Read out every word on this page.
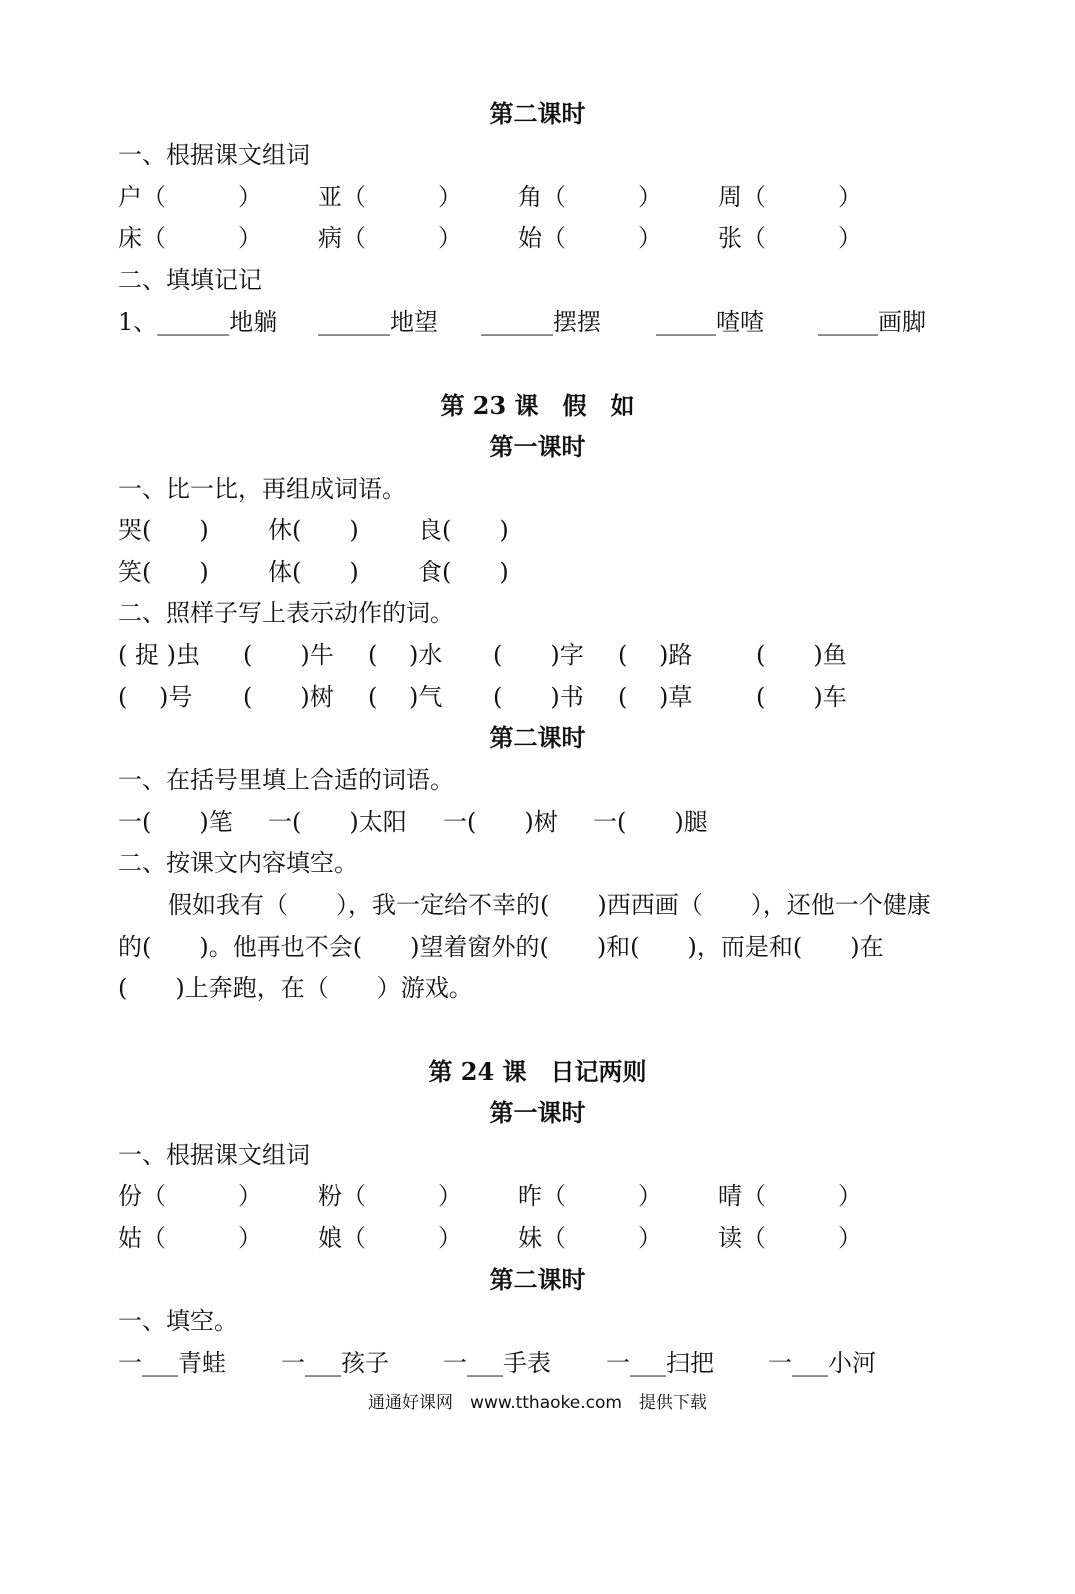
第二课时

一、根据课文组词

户（　　　）

亚（　　　）

角（　　　）

周（　　　）

床（　　　）

病（　　　）

始（　　　）

张（　　　）

二、填填记记

1、______地躺

______地望

______摆摆

_____喳喳

_____画脚

第 23 课　假　如
第一课时

一、比一比，再组成词语。

哭(　　)

休(　　)

良(　　)

笑(　　)

体(　　)

食(　　)

二、照样子写上表示动作的词。

( 捉 )虫

(　　)牛

(　 )水

(　　)字

(　 )路

	(　　)鱼

(　 )号

(　　)树

(　 )气

(　　)书

(　 )草

	(　　)车

第二课时

一、在括号里填上合适的词语。

一(　　)笔

一(　　)太阳

一(　　)树

一(　　)腿

二、按课文内容填空。

假如我有（　　），我一定给不幸的(　　)西西画（　　），还他一个健康

的(　　)。他再也不会(　　)望着窗外的(　　)和(　　)，而是和(　　)在

(　　)上奔跑，在（　　）游戏。

第 24 课　日记两则
第一课时

一、根据课文组词

份（　　　）

粉（　　　）

昨（　　　）

晴（　　　）

姑（　　　）

娘（　　　）

妹（　　　）

读（　　　）

第二课时

一、填空。

一___青蛙

一___孩子

一___手表

一___扫把

一___小河

通通好课网　www.tthaoke.com　提供下载
